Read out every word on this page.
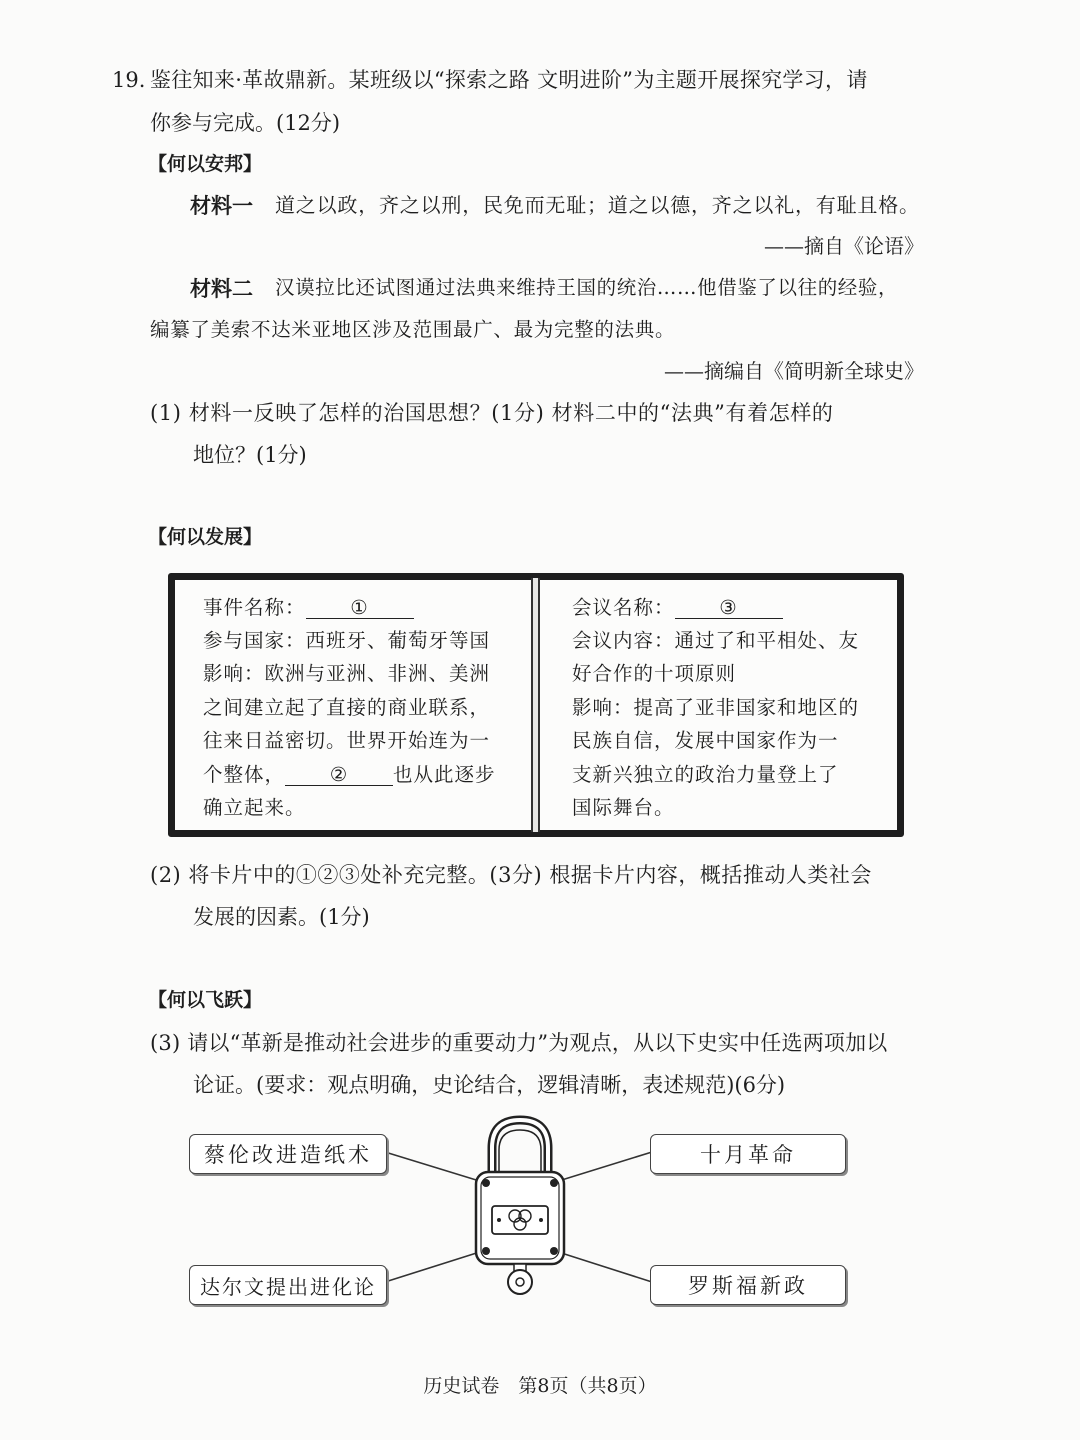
19. 鉴往知来·革故鼎新。某班级以“探索之路 文明进阶”为主题开展探究学习，请
你参与完成。(12分)
【何以安邦】
材料一 道之以政，齐之以刑，民免而无耻；道之以德，齐之以礼，有耻且格。
——摘自《论语》
材料二 汉谟拉比还试图通过法典来维持王国的统治……他借鉴了以往的经验，
编纂了美索不达米亚地区涉及范围最广、最为完整的法典。
——摘编自《简明新全球史》
(1) 材料一反映了怎样的治国思想？(1分) 材料二中的“法典”有着怎样的
地位？(1分)
【何以发展】
事件名称： ①
参与国家：西班牙、葡萄牙等国
影响：欧洲与亚洲、非洲、美洲
之间建立起了直接的商业联系，
往来日益密切。世界开始连为一
个整体， ② 也从此逐步
确立起来。
会议名称： ③
会议内容：通过了和平相处、友
好合作的十项原则
影响：提高了亚非国家和地区的
民族自信，发展中国家作为一
支新兴独立的政治力量登上了
国际舞台。
(2) 将卡片中的①②③处补充完整。(3分) 根据卡片内容，概括推动人类社会
发展的因素。(1分)
【何以飞跃】
(3) 请以“革新是推动社会进步的重要动力”为观点，从以下史实中任选两项加以
论证。(要求：观点明确，史论结合，逻辑清晰，表述规范)(6分)
蔡伦改进造纸术	十月革命
达尔文提出进化论	罗斯福新政
历史试卷　第8页（共8页）
